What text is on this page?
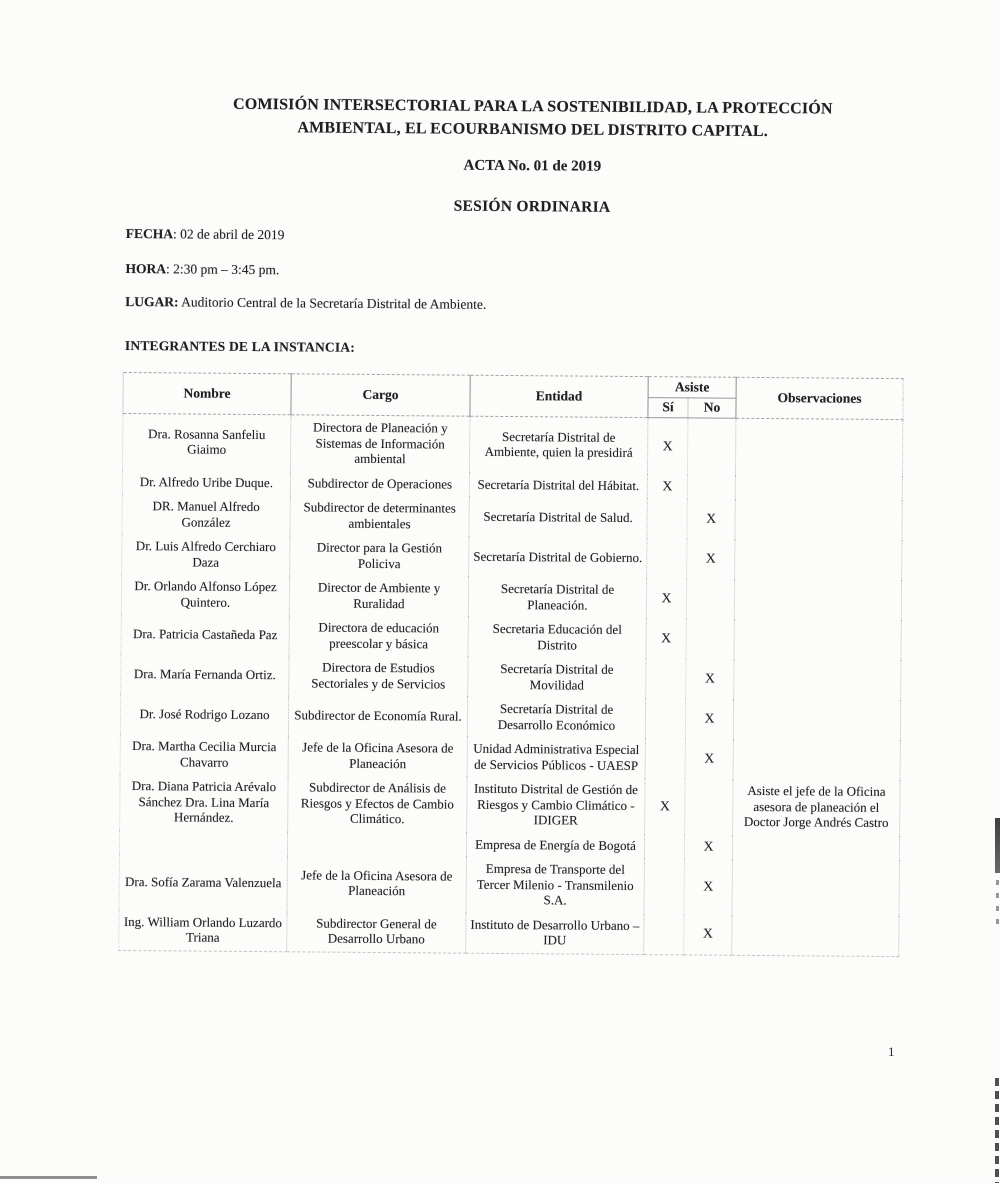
COMISIÓN INTERSECTORIAL PARA LA SOSTENIBILIDAD, LA PROTECCIÓN
AMBIENTAL, EL ECOURBANISMO DEL DISTRITO CAPITAL.
ACTA No. 01 de 2019
SESIÓN ORDINARIA

FECHA: 02 de abril de 2019

HORA: 2:30 pm – 3:45 pm.

LUGAR: Auditorio Central de la Secretaría Distrital de Ambiente.

INTEGRANTES DE LA INSTANCIA:

Nombre	Cargo	Entidad	Asiste		Observaciones
			Sí	No	
Dra. Rosanna Sanfeliu Giaimo	Directora de Planeación y Sistemas de Información ambiental	Secretaría Distrital de Ambiente, quien la presidirá	X		
Dr. Alfredo Uribe Duque.	Subdirector de Operaciones	Secretaría Distrital del Hábitat.	X		
DR. Manuel Alfredo González	Subdirector de determinantes ambientales	Secretaría Distrital de Salud.		X	
Dr. Luis Alfredo Cerchiaro Daza	Director para la Gestión Policiva	Secretaría Distrital de Gobierno.		X	
Dr. Orlando Alfonso López Quintero.	Director de Ambiente y Ruralidad	Secretaría Distrital de Planeación.	X		
Dra. Patricia Castañeda Paz	Directora de educación preescolar y básica	Secretaria Educación del Distrito	X		
Dra. María Fernanda Ortiz.	Directora de Estudios Sectoriales y de Servicios	Secretaría Distrital de Movilidad		X	
Dr. José Rodrigo Lozano	Subdirector de Economía Rural.	Secretaría Distrital de Desarrollo Económico		X	
Dra. Martha Cecilia Murcia Chavarro	Jefe de la Oficina Asesora de Planeación	Unidad Administrativa Especial de Servicios Públicos - UAESP		X	
Dra. Diana Patricia Arévalo Sánchez Dra. Lina María Hernández.	Subdirector de Análisis de Riesgos y Efectos de Cambio Climático.	Instituto Distrital de Gestión de Riesgos y Cambio Climático - IDIGER	X		Asiste el jefe de la Oficina asesora de planeación el Doctor Jorge Andrés Castro
		Empresa de Energía de Bogotá		X	
Dra. Sofía Zarama Valenzuela	Jefe de la Oficina Asesora de Planeación	Empresa de Transporte del Tercer Milenio - Transmilenio S.A.		X	
Ing. William Orlando Luzardo Triana	Subdirector General de Desarrollo Urbano	Instituto de Desarrollo Urbano –IDU		X	
1
